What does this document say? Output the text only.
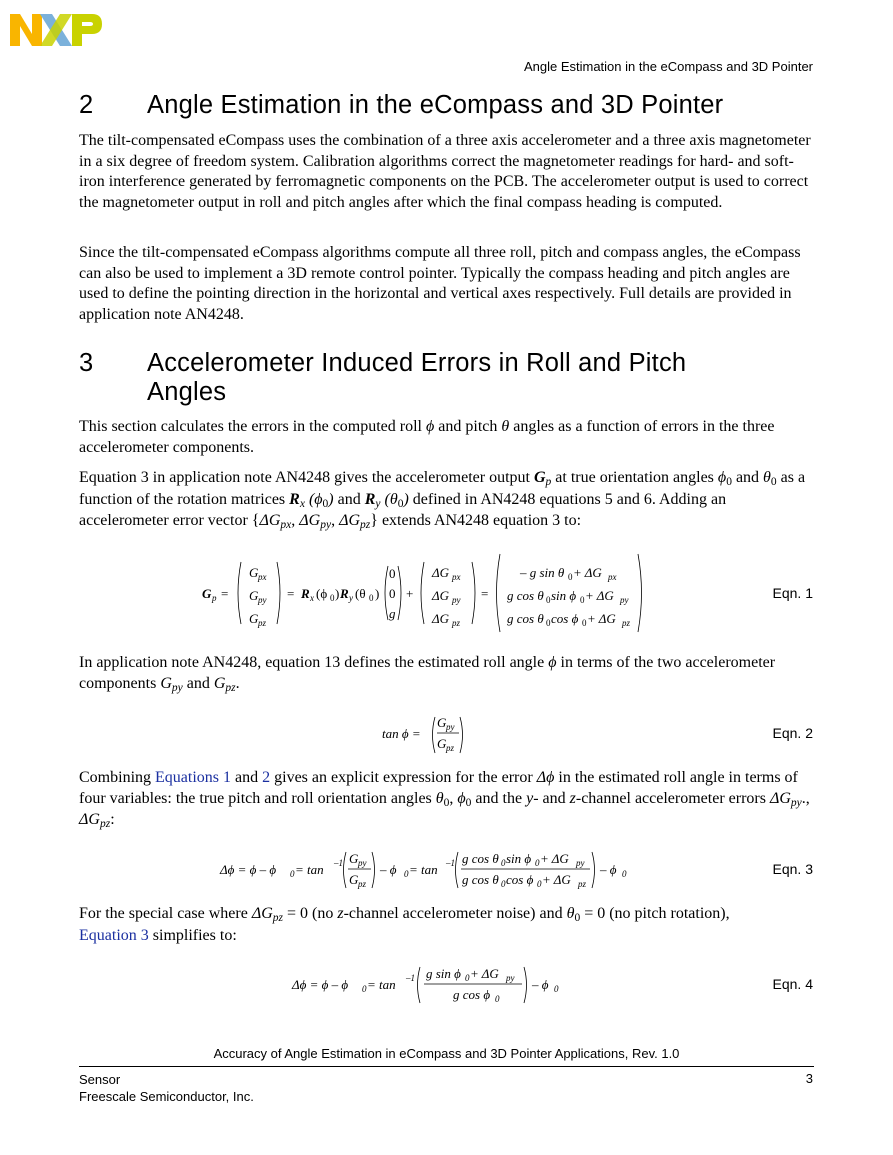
Angle Estimation in the eCompass and 3D Pointer
2	Angle Estimation in the eCompass and 3D Pointer

The tilt-compensated eCompass uses the combination of a three axis accelerometer and a three axis magnetometer in a six degree of freedom system. Calibration algorithms correct the magnetometer readings for hard- and soft-iron interference generated by ferromagnetic components on the PCB. The accelerometer output is used to correct the magnetometer output in roll and pitch angles after which the final compass heading is computed.

Since the tilt-compensated eCompass algorithms compute all three roll, pitch and compass angles, the eCompass can also be used to implement a 3D remote control pointer. Typically the compass heading and pitch angles are used to define the pointing direction in the horizontal and vertical axes respectively. Full details are provided in application note AN4248.

3	Accelerometer Induced Errors in Roll and Pitch
Angles

This section calculates the errors in the computed roll ϕ and pitch θ angles as a function of errors in the three accelerometer components.

Equation 3 in application note AN4248 gives the accelerometer output Gp at true orientation angles ϕ0 and θ0 as a function of the rotation matrices Rx (ϕ0) and Ry (θ0) defined in AN4248 equations 5 and 6. Adding an accelerometer error vector {ΔGpx, ΔGpy, ΔGpz} extends AN4248 equation 3 to:

G p =
G px
G py
G pz
= R x (ϕ 0 ) R y (θ 0 )
0
0
g
+
ΔG px
ΔG py
ΔG pz
=
– g sin θ 0 + ΔG px
g cos θ 0 sin ϕ 0 + ΔG py
g cos θ 0 cos ϕ 0 + ΔG pz
Eqn. 1

In application note AN4248, equation 13 defines the estimated roll angle ϕ in terms of the two accelerometer components Gpy and Gpz.

tan ϕ =
G py
G pz
Eqn. 2

Combining Equations 1 and 2 gives an explicit expression for the error Δϕ in the estimated roll angle in terms of four variables: the true pitch and roll orientation angles θ0, ϕ0 and the y- and z-channel accelerometer errors ΔGpy., ΔGpz:

Δϕ = ϕ – ϕ 0 = tan –1 G py
G pz
– ϕ 0 = tan –1 g cos θ 0 sin ϕ 0 + ΔG py
g cos θ 0 cos ϕ 0 + ΔG pz
– ϕ 0	Eqn. 3

For the special case where ΔGpz = 0 (no z-channel accelerometer noise) and θ0 = 0 (no pitch rotation),
Equation 3 simplifies to:

Δϕ = ϕ – ϕ 0 = tan –1 g sin ϕ 0 + ΔG py
g cos ϕ 0
– ϕ 0	Eqn. 4
Accuracy of Angle Estimation in eCompass and 3D Pointer Applications, Rev. 1.0
Sensor
Freescale Semiconductor, Inc.
3
